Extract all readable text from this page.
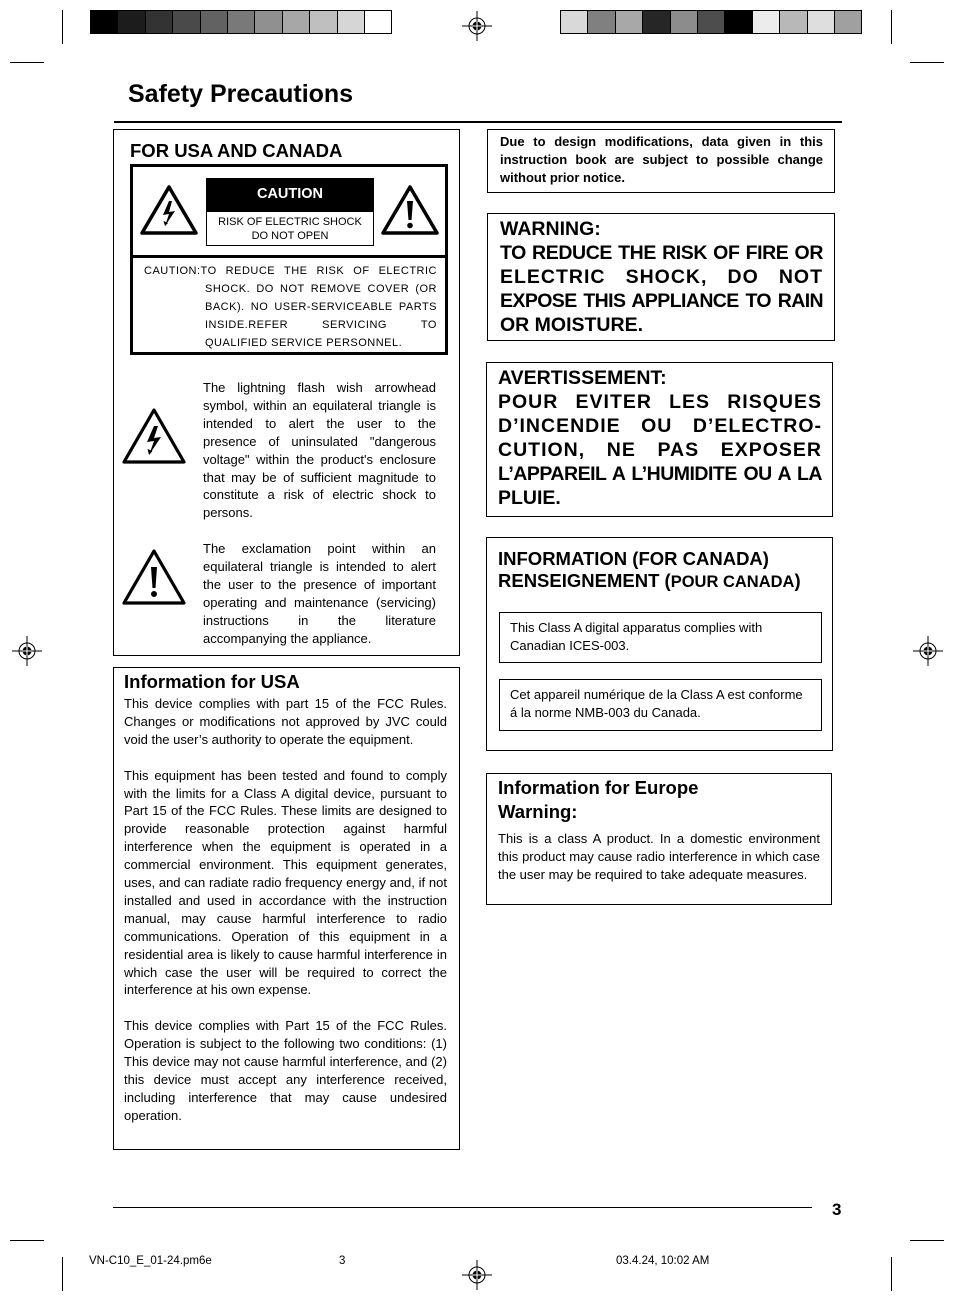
Safety Precautions
FOR USA AND CANADA
CAUTION
RISK OF ELECTRIC SHOCK
DO NOT OPEN
CAUTION:TO REDUCE THE RISK OF ELECTRIC
SHOCK. DO NOT REMOVE COVER (OR
BACK). NO USER-SERVICEABLE PARTS
INSIDE.REFER SERVICING TO
QUALIFIED SERVICE PERSONNEL.
The lightning flash wish arrowhead symbol, within an equilateral triangle is intended to alert the user to the presence of uninsulated "dangerous voltage" within the product's enclosure that may be of sufficient magnitude to constitute a risk of electric shock to persons.
The exclamation point within an equilateral triangle is intended to alert the user to the presence of important operating and maintenance (servicing) instructions in the literature accompanying the appliance.
Information for USA

This device complies with part 15 of the FCC Rules. Changes or modifications not approved by JVC could void the user’s authority to operate the equipment.

This equipment has been tested and found to comply with the limits for a Class A digital device, pursuant to Part 15 of the FCC Rules. These limits are designed to provide reasonable protection against harmful interference when the equipment is operated in a commercial environment. This equipment generates, uses, and can radiate radio frequency energy and, if not installed and used in accordance with the instruction manual, may cause harmful interference to radio communications. Operation of this equipment in a residential area is likely to cause harmful interference in which case the user will be required to correct the interference at his own expense.

This device complies with Part 15 of the FCC Rules. Operation is subject to the following two conditions: (1) This device may not cause harmful interference, and (2) this device must accept any interference received, including interference that may cause undesired operation.

Due to design modifications, data given in this instruction book are subject to possible change without prior notice.
WARNING:
TO REDUCE THE RISK OF FIRE OR
ELECTRIC SHOCK, DO NOT
EXPOSE THIS APPLIANCE TO RAIN
OR MOISTURE.
AVERTISSEMENT:
POUR EVITER LES RISQUES
D’INCENDIE OU D’ELECTRO-
CUTION, NE PAS EXPOSER
L’APPAREIL A L’HUMIDITE OU A LA
PLUIE.
INFORMATION (FOR CANADA)
RENSEIGNEMENT (POUR CANADA)
This Class A digital apparatus complies with Canadian ICES-003.
Cet appareil numérique de la Class A est conforme á la norme NMB-003 du Canada.
Information for Europe
Warning:
This is a class A product. In a domestic environment this product may cause radio interference in which case the user may be required to take adequate measures.
3
VN-C10_E_01-24.pm6e	3	03.4.24, 10:02 AM
